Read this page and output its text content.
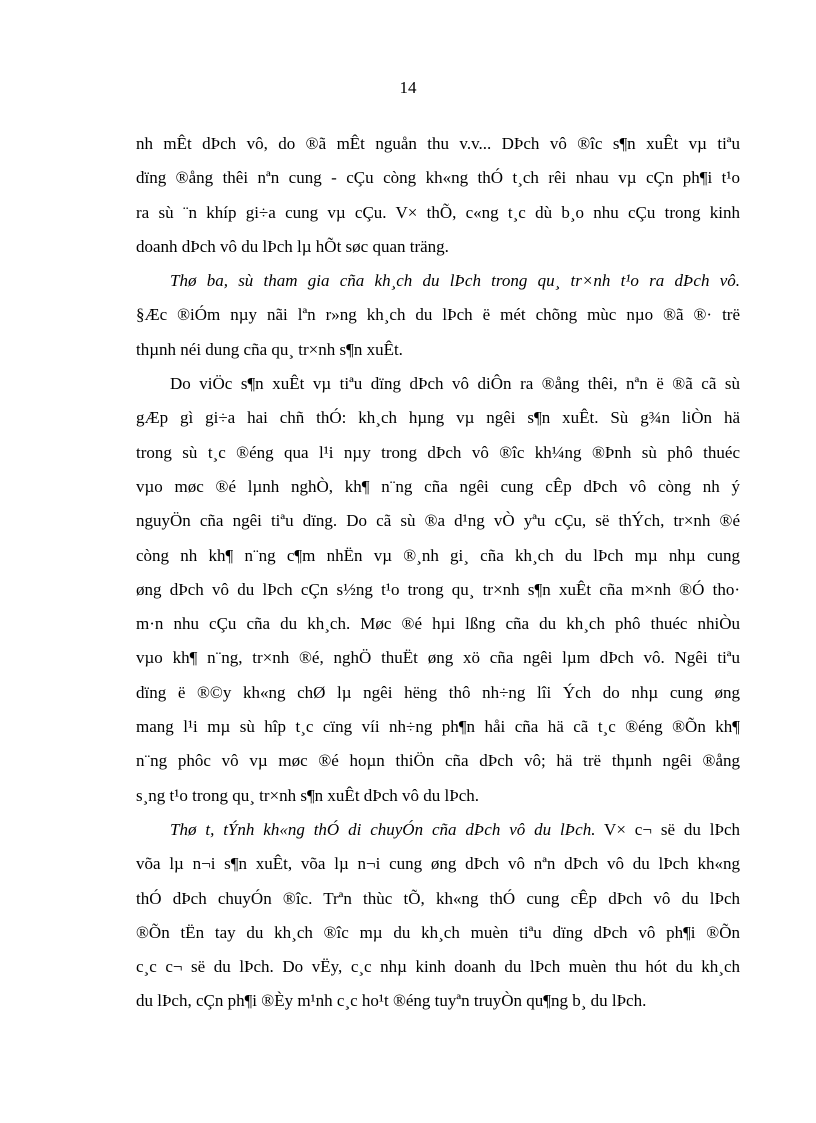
14

nh mÊt dÞch vô, do ®ã mÊt nguån thu v.v... DÞch vô ®îc s¶n xuÊt vµ tiªu
dïng ®ång thêi nªn cung - cÇu còng kh«ng thÓ t¸ch rêi nhau vµ cÇn ph¶i t¹o
ra sù ¨n khíp gi÷a cung vµ cÇu. V× thÕ, c«ng t¸c dù b¸o nhu cÇu trong kinh
doanh dÞch vô du lÞch lµ hÕt søc quan träng.

Thø ba, sù tham gia cña kh¸ch du lÞch trong qu¸ tr×nh t¹o ra dÞch vô.
§Æc ®iÓm nµy nãi lªn r»ng kh¸ch du lÞch ë mét chõng mùc nµo ®ã ®· trë
thµnh néi dung cña qu¸ tr×nh s¶n xuÊt.

Do viÖc s¶n xuÊt vµ tiªu dïng dÞch vô diÔn ra ®ång thêi, nªn ë ®ã cã sù
gÆp gì gi÷a hai chñ thÓ: kh¸ch hµng vµ ngêi s¶n xuÊt. Sù g¾n liÒn hä
trong sù t¸c ®éng qua l¹i nµy trong dÞch vô ®îc kh¼ng ®Þnh sù phô thuéc
vµo møc ®é lµnh nghÒ, kh¶ n¨ng cña ngêi cung cÊp dÞch vô còng nh ý
nguyÖn cña ngêi tiªu dïng. Do cã sù ®a d¹ng vÒ yªu cÇu, së thÝch, tr×nh ®é
còng nh kh¶ n¨ng c¶m nhËn vµ ®¸nh gi¸ cña kh¸ch du lÞch mµ nhµ cung
øng dÞch vô du lÞch cÇn s½ng t¹o trong qu¸ tr×nh s¶n xuÊt cña m×nh ®Ó tho·
m·n nhu cÇu cña du kh¸ch. Møc ®é hµi lßng cña du kh¸ch phô thuéc nhiÒu
vµo kh¶ n¨ng, tr×nh ®é, nghÖ thuËt øng xö cña ngêi lµm dÞch vô. Ngêi tiªu
dïng ë ®©y kh«ng chØ lµ ngêi hëng thô nh÷ng lîi Ých do nhµ cung øng
mang l¹i mµ sù hîp t¸c cïng víi nh÷ng ph¶n håi cña hä cã t¸c ®éng ®Õn kh¶
n¨ng phôc vô vµ møc ®é hoµn thiÖn cña dÞch vô; hä trë thµnh ngêi ®ång
s¸ng t¹o trong qu¸ tr×nh s¶n xuÊt dÞch vô du lÞch.

Thø t, tÝnh kh«ng thÓ di chuyÓn cña dÞch vô du lÞch. V× c¬ së du lÞch
võa lµ n¬i s¶n xuÊt, võa lµ n¬i cung øng dÞch vô nªn dÞch vô du lÞch kh«ng
thÓ dÞch chuyÓn ®îc. Trªn thùc tÕ, kh«ng thÓ cung cÊp dÞch vô du lÞch
®Õn tËn tay du kh¸ch ®îc mµ du kh¸ch muèn tiªu dïng dÞch vô ph¶i ®Õn
c¸c c¬ së du lÞch. Do vËy, c¸c nhµ kinh doanh du lÞch muèn thu hót du kh¸ch
du lÞch, cÇn ph¶i ®Èy m¹nh c¸c ho¹t ®éng tuyªn truyÒn qu¶ng b¸ du lÞch.
